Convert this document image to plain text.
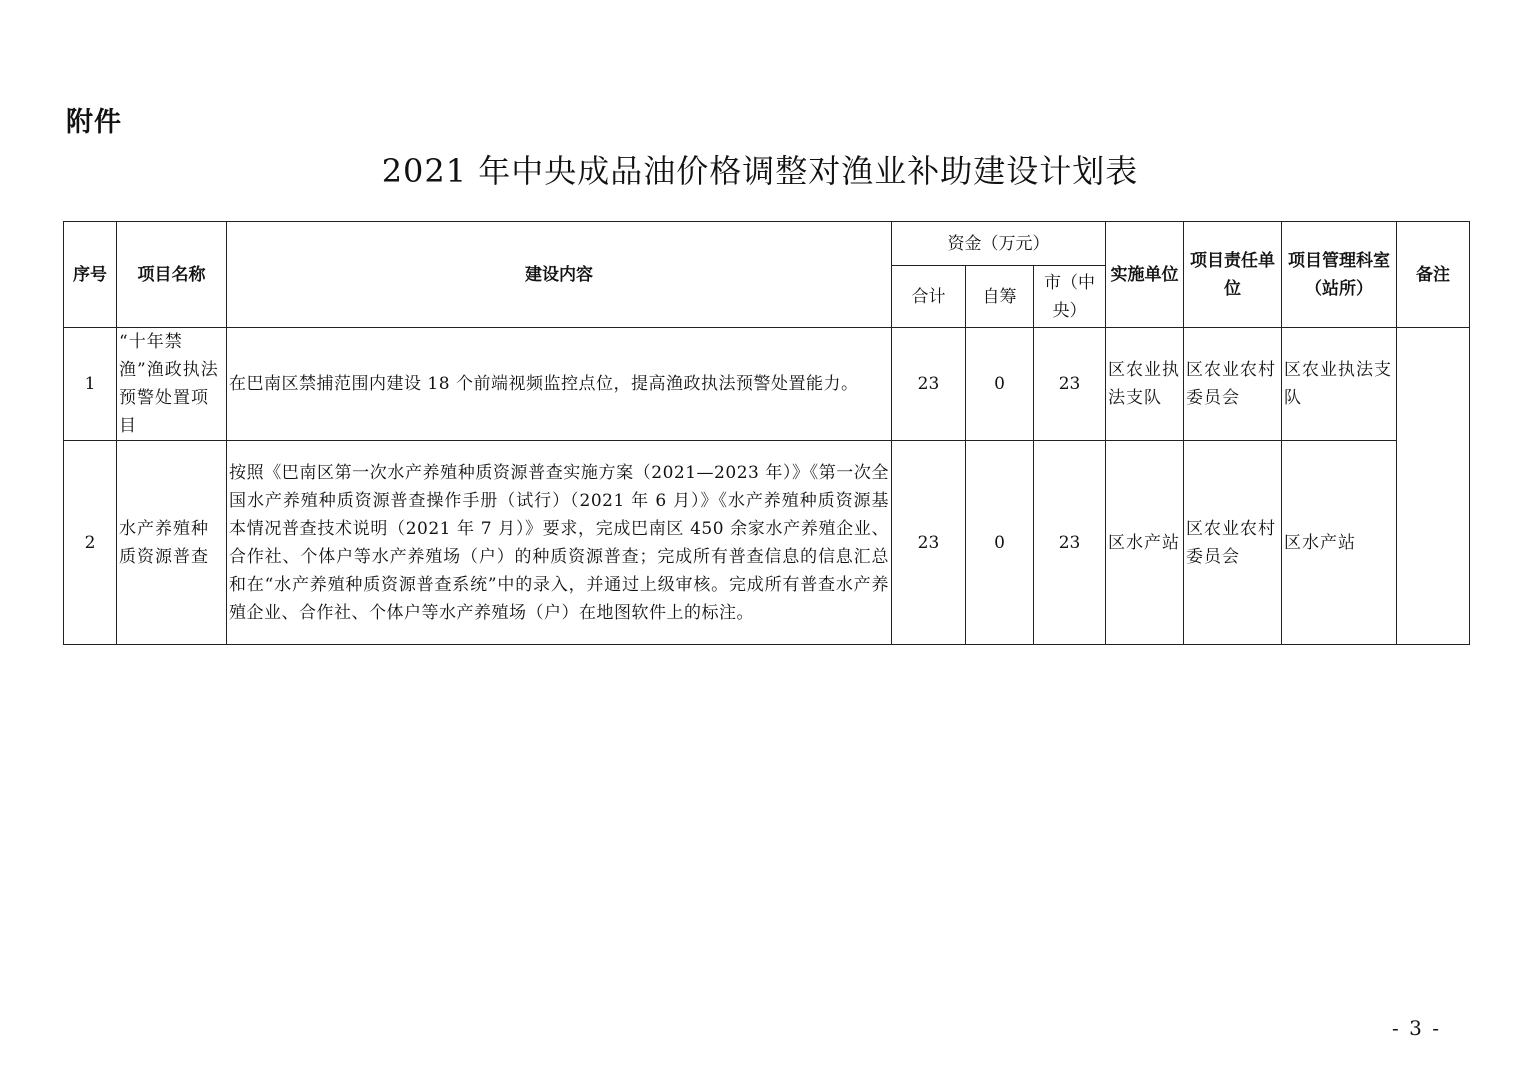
附件
2021 年中央成品油价格调整对渔业补助建设计划表
序号	项目名称	建设内容	资金（万元）			实施单位	项目责任单位	项目管理科室（站所）	备注
			合计	自筹	市（中央）				
1	“十年禁渔”渔政执法预警处置项目	在巴南区禁捕范围内建设 18 个前端视频监控点位，提高渔政执法预警处置能力。	23	0	23	区农业执法支队	区农业农村委员会	区农业执法支队	
2	水产养殖种质资源普查	按照《巴南区第一次水产养殖种质资源普查实施方案（2021—2023 年）》《第一次全国水产养殖种质资源普查操作手册（试行）（2021 年 6 月）》《水产养殖种质资源基本情况普查技术说明（2021 年 7 月）》要求，完成巴南区 450 余家水产养殖企业、合作社、个体户等水产养殖场（户）的种质资源普查；完成所有普查信息的信息汇总和在“水产养殖种质资源普查系统”中的录入，并通过上级审核。完成所有普查水产养殖企业、合作社、个体户等水产养殖场（户）在地图软件上的标注。	23	0	23	区水产站	区农业农村委员会	区水产站	
- 3 -
